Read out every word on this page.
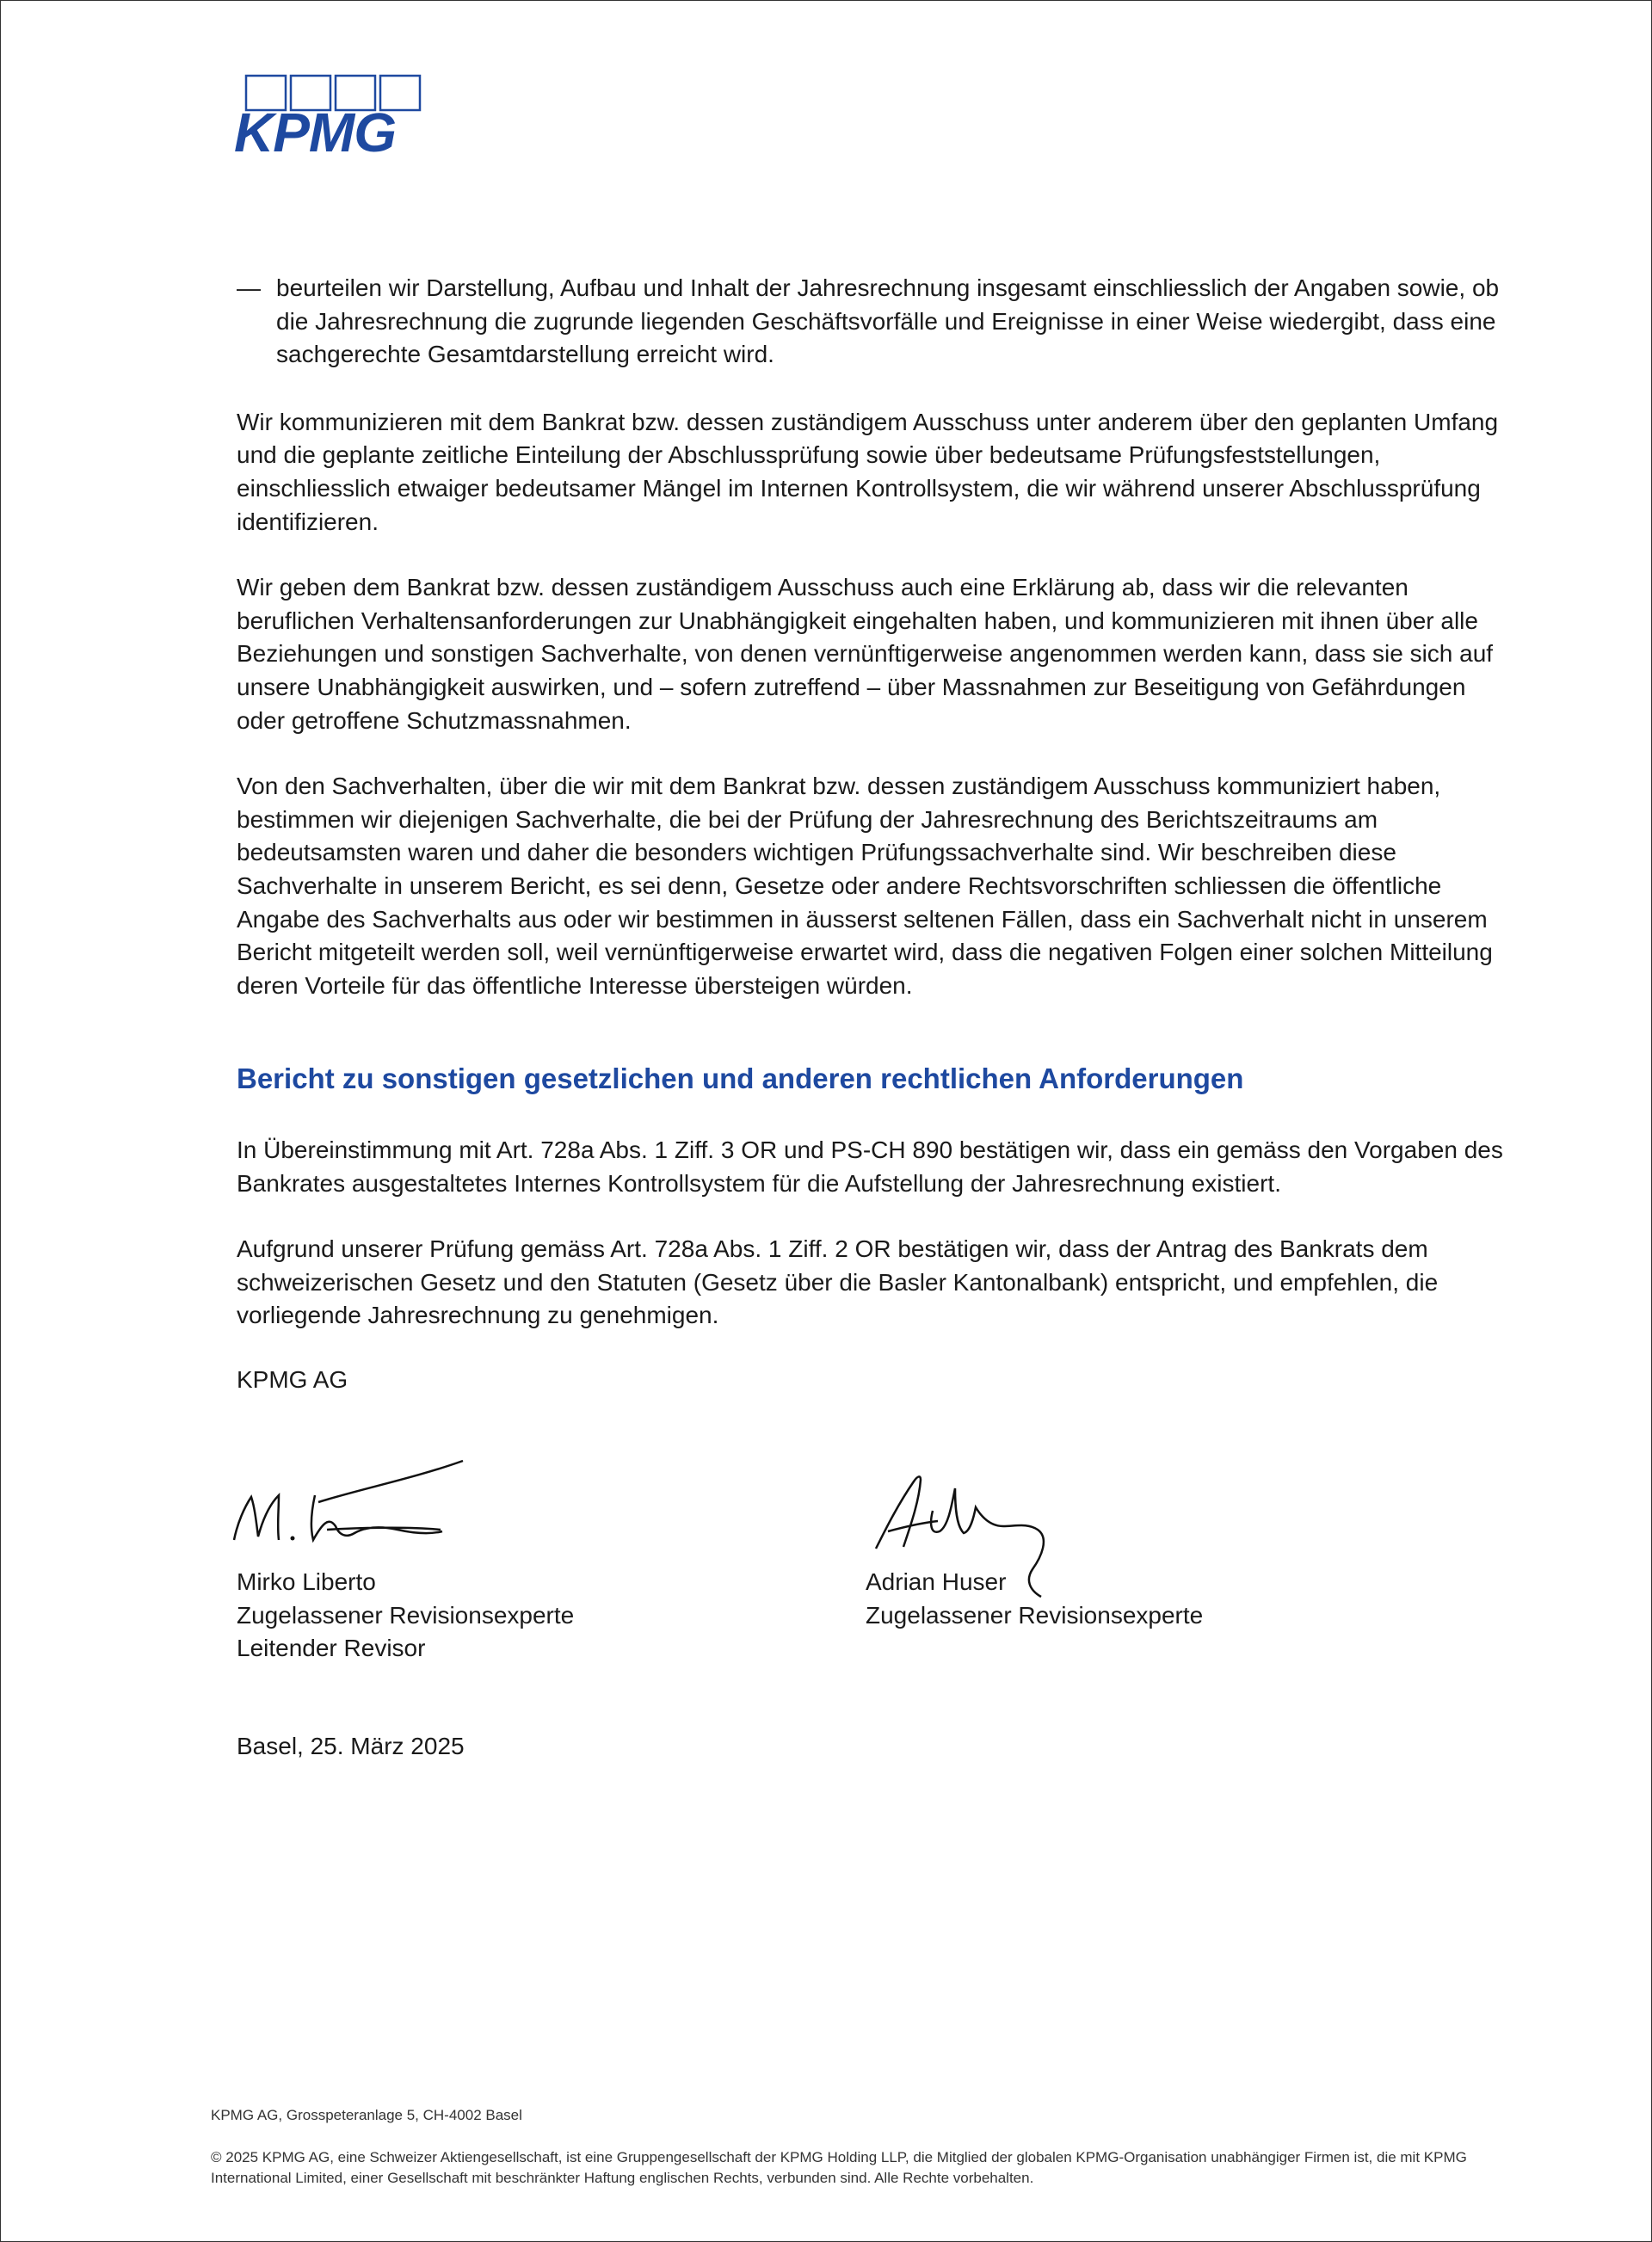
KPMG

— beurteilen wir Darstellung, Aufbau und Inhalt der Jahresrechnung insgesamt einschliesslich der Angaben sowie, ob die Jahresrechnung die zugrunde liegenden Geschäftsvorfälle und Ereignisse in einer Weise wiedergibt, dass eine sachgerechte Gesamtdarstellung erreicht wird.

Wir kommunizieren mit dem Bankrat bzw. dessen zuständigem Ausschuss unter anderem über den geplanten Umfang und die geplante zeitliche Einteilung der Abschlussprüfung sowie über bedeutsame Prüfungsfeststellungen, einschliesslich etwaiger bedeutsamer Mängel im Internen Kontrollsystem, die wir während unserer Abschlussprüfung identifizieren.

Wir geben dem Bankrat bzw. dessen zuständigem Ausschuss auch eine Erklärung ab, dass wir die relevanten beruflichen Verhaltensanforderungen zur Unabhängigkeit eingehalten haben, und kommunizieren mit ihnen über alle Beziehungen und sonstigen Sachverhalte, von denen vernünftigerweise angenommen werden kann, dass sie sich auf unsere Unabhängigkeit auswirken, und – sofern zutreffend – über Massnahmen zur Beseitigung von Gefährdungen oder getroffene Schutzmassnahmen.

Von den Sachverhalten, über die wir mit dem Bankrat bzw. dessen zuständigem Ausschuss kommuniziert haben, bestimmen wir diejenigen Sachverhalte, die bei der Prüfung der Jahresrechnung des Berichtszeitraums am bedeutsamsten waren und daher die besonders wichtigen Prüfungssachverhalte sind. Wir beschreiben diese Sachverhalte in unserem Bericht, es sei denn, Gesetze oder andere Rechtsvorschriften schliessen die öffentliche Angabe des Sachverhalts aus oder wir bestimmen in äusserst seltenen Fällen, dass ein Sachverhalt nicht in unserem Bericht mitgeteilt werden soll, weil vernünftigerweise erwartet wird, dass die negativen Folgen einer solchen Mitteilung deren Vorteile für das öffentliche Interesse übersteigen würden.

Bericht zu sonstigen gesetzlichen und anderen rechtlichen Anforderungen

In Übereinstimmung mit Art. 728a Abs. 1 Ziff. 3 OR und PS-CH 890 bestätigen wir, dass ein gemäss den Vorgaben des Bankrates ausgestaltetes Internes Kontrollsystem für die Aufstellung der Jahresrechnung existiert.

Aufgrund unserer Prüfung gemäss Art. 728a Abs. 1 Ziff. 2 OR bestätigen wir, dass der Antrag des Bankrats dem schweizerischen Gesetz und den Statuten (Gesetz über die Basler Kantonalbank) entspricht, und empfehlen, die vorliegende Jahresrechnung zu genehmigen.

KPMG AG
Mirko Liberto
Zugelassener Revisionsexperte
Leitender Revisor
Adrian Huser
Zugelassener Revisionsexperte
Basel, 25. März 2025
KPMG AG, Grosspeteranlage 5, CH-4002 Basel
© 2025 KPMG AG, eine Schweizer Aktiengesellschaft, ist eine Gruppengesellschaft der KPMG Holding LLP, die Mitglied der globalen KPMG-Organisation unabhängiger Firmen ist, die mit KPMG International Limited, einer Gesellschaft mit beschränkter Haftung englischen Rechts, verbunden sind. Alle Rechte vorbehalten.
